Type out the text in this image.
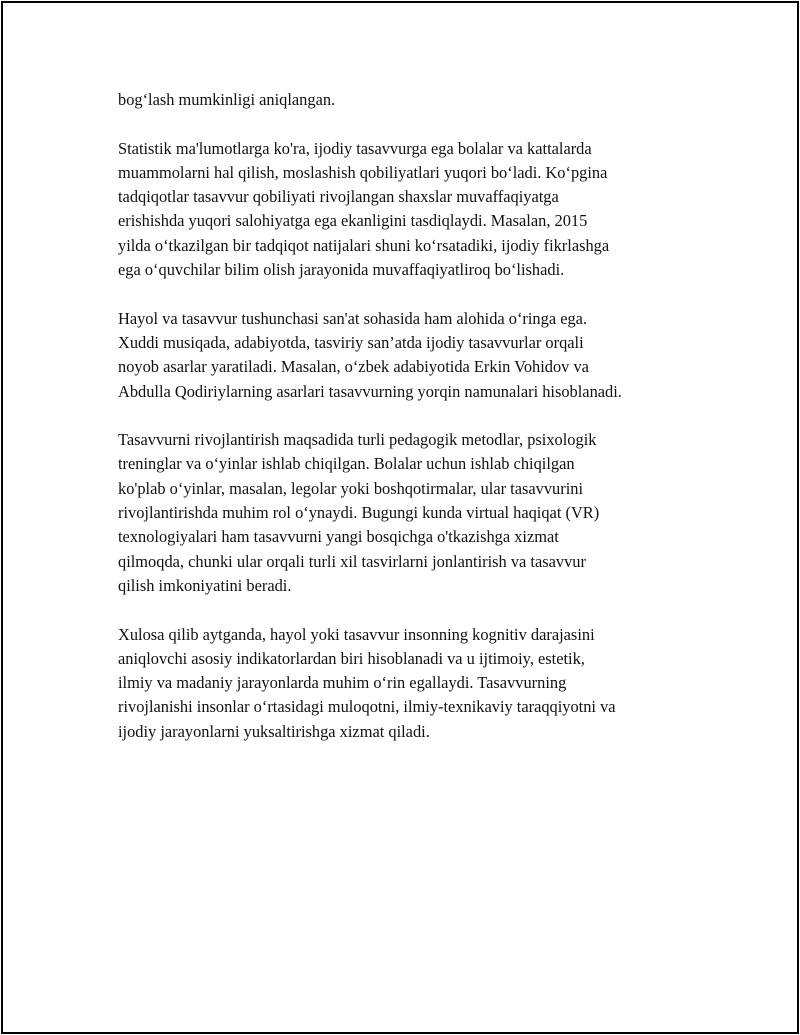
bog‘lash mumkinligi aniqlangan.

Statistik ma'lumotlarga ko'ra, ijodiy tasavvurga ega bolalar va kattalarda
muammolarni hal qilish, moslashish qobiliyatlari yuqori bo‘ladi. Ko‘pgina
tadqiqotlar tasavvur qobiliyati rivojlangan shaxslar muvaffaqiyatga
erishishda yuqori salohiyatga ega ekanligini tasdiqlaydi. Masalan, 2015
yilda o‘tkazilgan bir tadqiqot natijalari shuni ko‘rsatadiki, ijodiy fikrlashga
ega o‘quvchilar bilim olish jarayonida muvaffaqiyatliroq bo‘lishadi.

Hayol va tasavvur tushunchasi san'at sohasida ham alohida o‘ringa ega.
Xuddi musiqada, adabiyotda, tasviriy san’atda ijodiy tasavvurlar orqali
noyob asarlar yaratiladi. Masalan, o‘zbek adabiyotida Erkin Vohidov va
Abdulla Qodiriylarning asarlari tasavvurning yorqin namunalari hisoblanadi.

Tasavvurni rivojlantirish maqsadida turli pedagogik metodlar, psixologik
treninglar va o‘yinlar ishlab chiqilgan. Bolalar uchun ishlab chiqilgan
ko'plab o‘yinlar, masalan, legolar yoki boshqotirmalar, ular tasavvurini
rivojlantirishda muhim rol o‘ynaydi. Bugungi kunda virtual haqiqat (VR)
texnologiyalari ham tasavvurni yangi bosqichga o'tkazishga xizmat
qilmoqda, chunki ular orqali turli xil tasvirlarni jonlantirish va tasavvur
qilish imkoniyatini beradi.

Xulosa qilib aytganda, hayol yoki tasavvur insonning kognitiv darajasini
aniqlovchi asosiy indikatorlardan biri hisoblanadi va u ijtimoiy, estetik,
ilmiy va madaniy jarayonlarda muhim o‘rin egallaydi. Tasavvurning
rivojlanishi insonlar o‘rtasidagi muloqotni, ilmiy-texnikaviy taraqqiyotni va
ijodiy jarayonlarni yuksaltirishga xizmat qiladi.
